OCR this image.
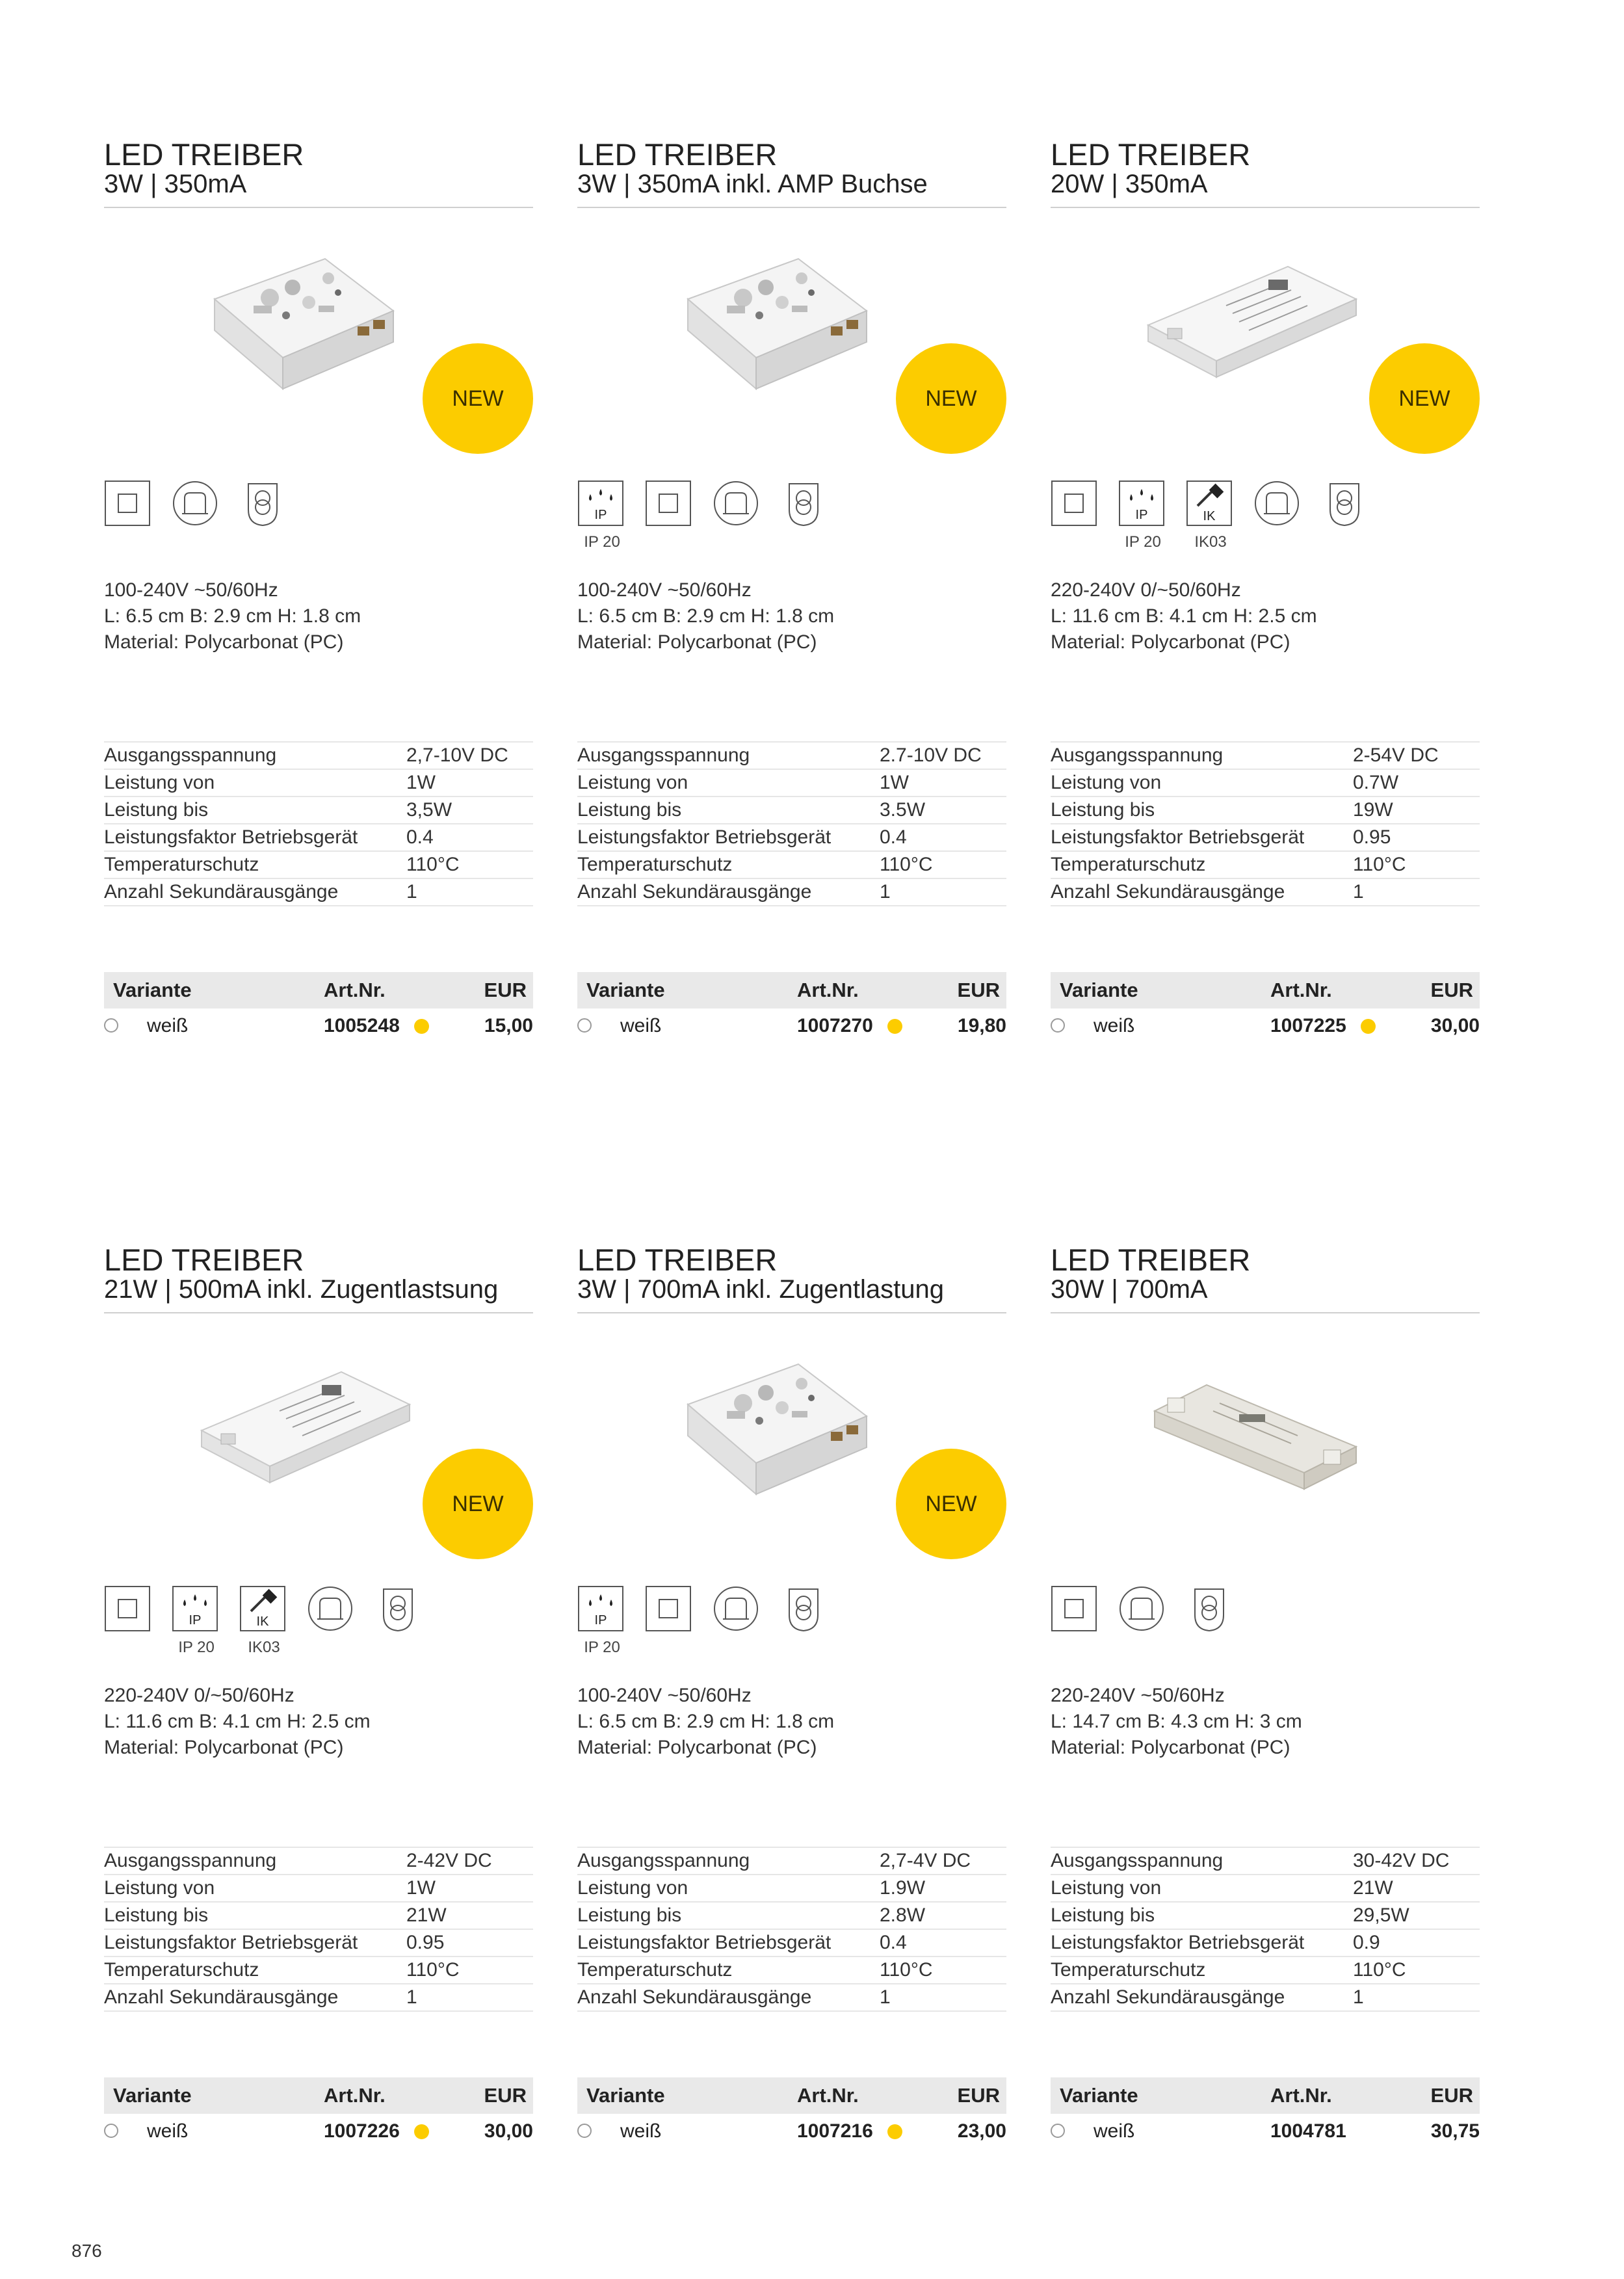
LED TREIBER
3W | 350mA
NEW
100-240V ~50/60Hz
L: 6.5 cm B: 2.9 cm H: 1.8 cm
Material: Polycarbonat (PC)
Ausgangsspannung	2,7-10V DC
Leistung von	1W
Leistung bis	3,5W
Leistungsfaktor Betriebsgerät 0.4
Temperaturschutz	110°C
Anzahl Sekundärausgänge	1
Variante	Art.Nr.	EUR
weiß	1005248	15,00
LED TREIBER
3W | 350mA inkl. AMP Buchse
NEW
IP
IP 20
100-240V ~50/60Hz
L: 6.5 cm B: 2.9 cm H: 1.8 cm
Material: Polycarbonat (PC)
Ausgangsspannung	2.7-10V DC
Leistung von	1W
Leistung bis	3.5W
Leistungsfaktor Betriebsgerät 0.4
Temperaturschutz	110°C
Anzahl Sekundärausgänge	1
Variante	Art.Nr.	EUR
weiß	1007270	19,80
LED TREIBER
20W | 350mA
NEW
IP
IP 20
IK
IK03
220-240V 0/~50/60Hz
L: 11.6 cm B: 4.1 cm H: 2.5 cm
Material: Polycarbonat (PC)
Ausgangsspannung	2-54V DC
Leistung von	0.7W
Leistung bis	19W
Leistungsfaktor Betriebsgerät 0.95
Temperaturschutz	110°C
Anzahl Sekundärausgänge	1
Variante	Art.Nr.	EUR
weiß	1007225	30,00
LED TREIBER
21W | 500mA inkl. Zugentlastsung
NEW
IP
IP 20
IK
IK03
220-240V 0/~50/60Hz
L: 11.6 cm B: 4.1 cm H: 2.5 cm
Material: Polycarbonat (PC)
Ausgangsspannung	2-42V DC
Leistung von	1W
Leistung bis	21W
Leistungsfaktor Betriebsgerät 0.95
Temperaturschutz	110°C
Anzahl Sekundärausgänge	1
Variante	Art.Nr.	EUR
weiß	1007226	30,00
LED TREIBER
3W | 700mA inkl. Zugentlastung
NEW
IP
IP 20
100-240V ~50/60Hz
L: 6.5 cm B: 2.9 cm H: 1.8 cm
Material: Polycarbonat (PC)
Ausgangsspannung	2,7-4V DC
Leistung von	1.9W
Leistung bis	2.8W
Leistungsfaktor Betriebsgerät 0.4
Temperaturschutz	110°C
Anzahl Sekundärausgänge	1
Variante	Art.Nr.	EUR
weiß	1007216	23,00
LED TREIBER
30W | 700mA
220-240V ~50/60Hz
L: 14.7 cm B: 4.3 cm H: 3 cm
Material: Polycarbonat (PC)
Ausgangsspannung	30-42V DC
Leistung von	21W
Leistung bis	29,5W
Leistungsfaktor Betriebsgerät 0.9
Temperaturschutz	110°C
Anzahl Sekundärausgänge	1
Variante	Art.Nr.	EUR
weiß	1004781	30,75
876
